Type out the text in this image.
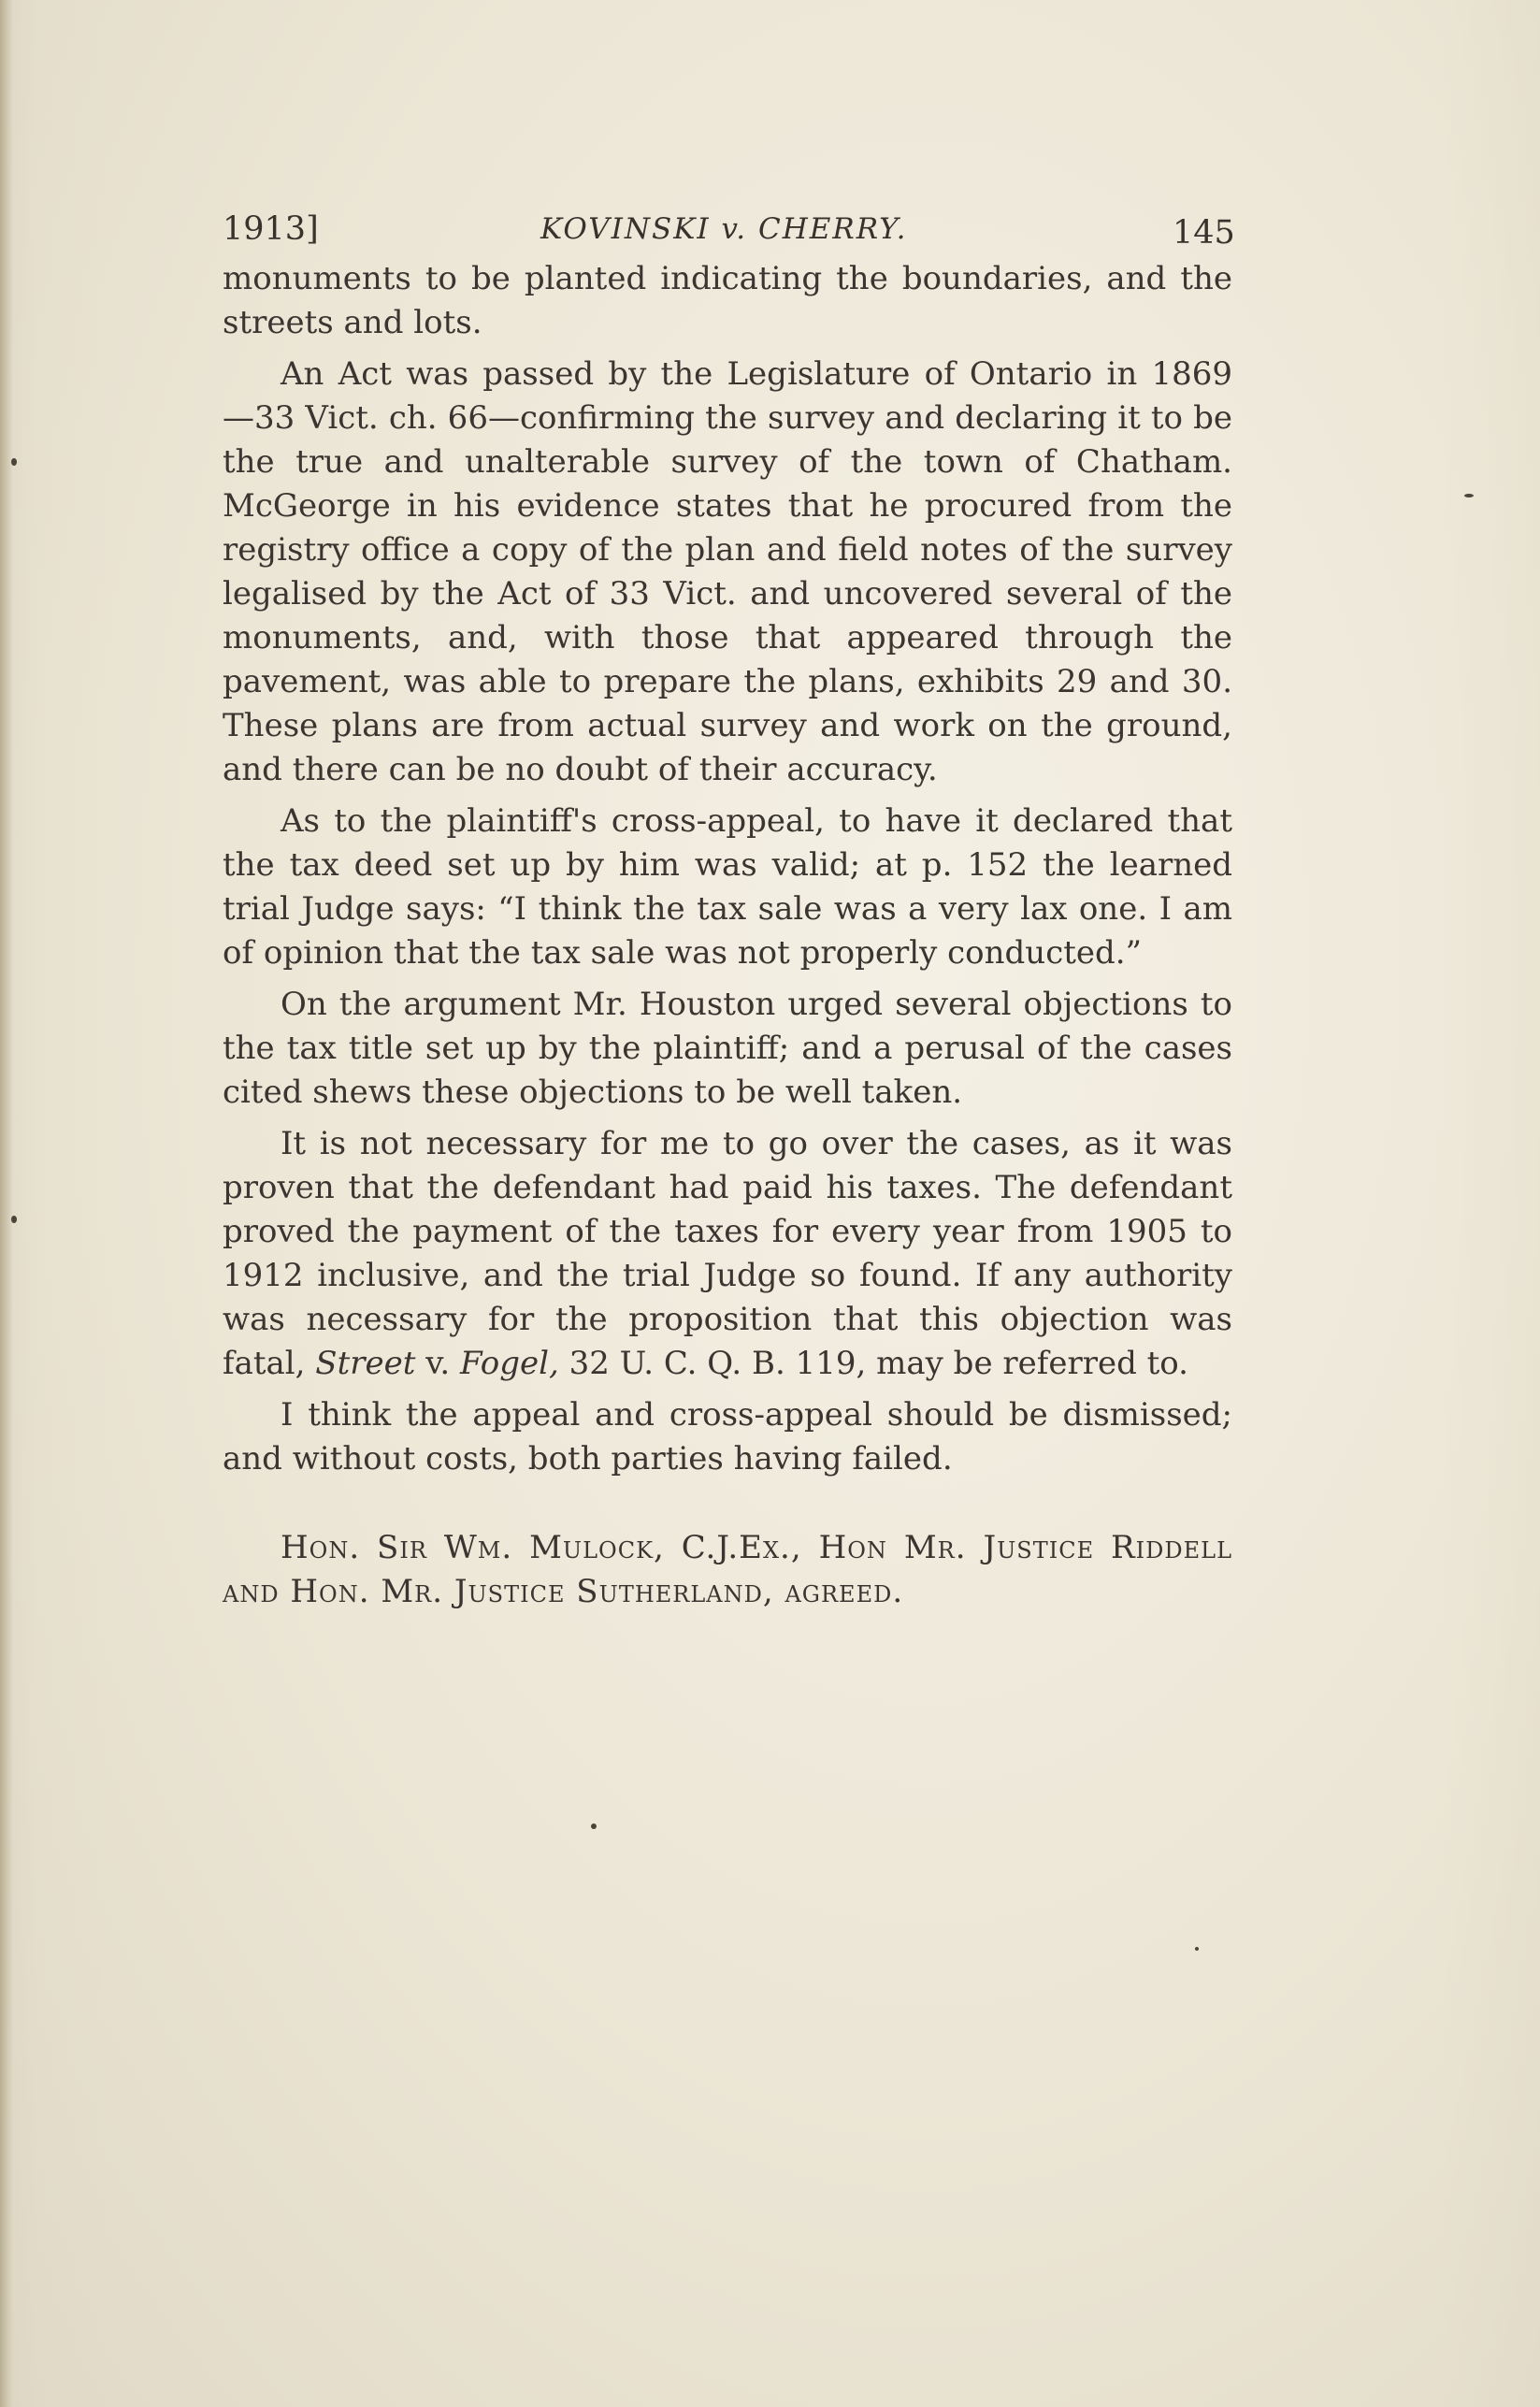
1913]	KOVINSKI v. CHERRY.	145

monuments to be planted indicating the boundaries, and the streets and lots.

An Act was passed by the Legislature of Ontario in 1869 —33 Vict. ch. 66—confirming the survey and declaring it to be the true and unalterable survey of the town of Chatham. McGeorge in his evidence states that he procured from the registry office a copy of the plan and field notes of the survey legalised by the Act of 33 Vict. and uncovered several of the monuments, and, with those that appeared through the pavement, was able to prepare the plans, exhibits 29 and 30. These plans are from actual survey and work on the ground, and there can be no doubt of their accuracy.

As to the plaintiff's cross-appeal, to have it declared that the tax deed set up by him was valid; at p. 152 the learned trial Judge says: “I think the tax sale was a very lax one. I am of opinion that the tax sale was not properly conducted.”

On the argument Mr. Houston urged several objections to the tax title set up by the plaintiff; and a perusal of the cases cited shews these objections to be well taken.

It is not necessary for me to go over the cases, as it was proven that the defendant had paid his taxes. The defendant proved the payment of the taxes for every year from 1905 to 1912 inclusive, and the trial Judge so found. If any authority was necessary for the proposition that this objection was fatal, Street v. Fogel, 32 U. C. Q. B. 119, may be referred to.

I think the appeal and cross-appeal should be dismissed; and without costs, both parties having failed.

Hon. Sir Wm. Mulock, C.J.Ex., Hon Mr. Justice Riddell and Hon. Mr. Justice Sutherland, agreed.
